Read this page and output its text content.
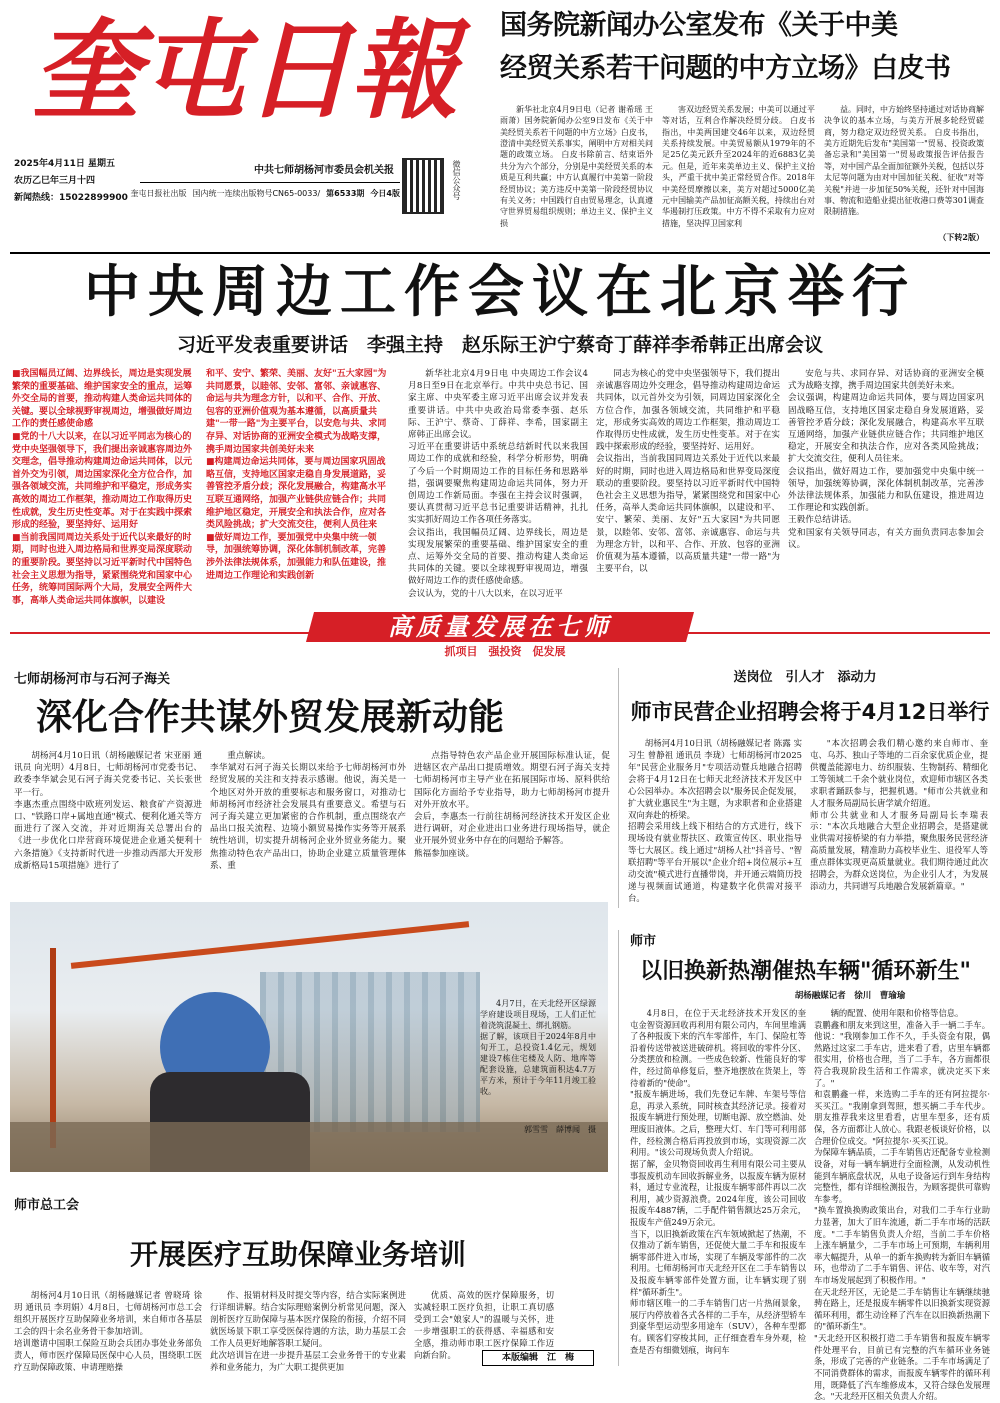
奎屯日報
2025年4月11日 星期五
农历乙巳年三月十四
新闻热线：15022899900
中共七师胡杨河市委员会机关报
奎屯日报社出版 国内统一连续出版物号CN65-0033/ 第6533期 今日4版	微信公众号
国务院新闻办公室发布《关于中美
经贸关系若干问题的中方立场》白皮书

新华社北京4月9日电（记者 谢希瑶 王雨萧）国务院新闻办公室9日发布《关于中美经贸关系若干问题的中方立场》白皮书，澄清中美经贸关系事实，阐明中方对相关问题的政策立场。 白皮书除前言、结束语外共分为六个部分，分别是中美经贸关系的本质是互利共赢；中方认真履行中美第一阶段经贸协议；美方违反中美第一阶段经贸协议有关义务；中国践行自由贸易理念，认真遵守世界贸易组织规则；单边主义、保护主义损

害双边经贸关系发展；中美可以通过平等对话，互利合作解决经贸分歧。 白皮书指出，中美两国建交46年以来，双边经贸关系持续发展。中美贸易额从1979年的不足25亿美元跃升至2024年的近6883亿美元。但是，近年来美单边主义、保护主义抬头，严重干扰中美正常经贸合作。2018年中美经贸摩擦以来，美方对超过5000亿美元中国输美产品加征高额关税，持续出台对华遏制打压政策。中方不得不采取有力应对措施，坚决捍卫国家利

益。同时，中方始终坚持通过对话协商解决争议的基本立场，与美方开展多轮经贸磋商，努力稳定双边经贸关系。 白皮书指出，美方近期先后发布"美国第一"贸易、投资政策备忘录和"美国第一"贸易政策报告评估报告等，对中国产品全面加征额外关税，包括以芬太尼等问题为由对中国加征关税、征收"对等关税"并进一步加征50%关税，还针对中国海事、物流和造船业提出征收港口费等301调查限制措施。

（下转2版）
中央周边工作会议在北京举行
习近平发表重要讲话　李强主持　赵乐际王沪宁蔡奇丁薛祥李希韩正出席会议

■我国幅员辽阔、边界线长，周边是实现发展繁荣的重要基础、维护国家安全的重点，运筹外交全局的首要，推动构建人类命运共同体的关键。要以全球视野审视周边，增强做好周边工作的责任感使命感
■党的十八大以来，在以习近平同志为核心的党中央坚强领导下，我们提出亲诚惠容周边外交理念，倡导推动构建周边命运共同体，以元首外交为引领，周边国家深化全方位合作，加强各领域交流，共同维护和平稳定，形成务实高效的周边工作框架，推动周边工作取得历史性成就，发生历史性变革。对于在实践中探索形成的经验，要坚持好、运用好
■当前我国同周边关系处于近代以来最好的时期，同时也进入周边格局和世界变局深度联动的重要阶段。要坚持以习近平新时代中国特色社会主义思想为指导，紧紧围绕党和国家中心任务，统筹同国际两个大局，发展安全两件大事，高举人类命运共同体旗帜，以建设

和平、安宁、繁荣、美丽、友好"五大家园"为共同愿景，以睦邻、安邻、富邻、亲诚惠容、命运与共为理念方针，以和平、合作、开放、包容的亚洲价值观为基本遵循，以高质量共建"一带一路"为主要平台，以安危与共、求同存异、对话协商的亚洲安全模式为战略支撑，携手周边国家共创美好未来
■构建周边命运共同体，要与周边国家巩固战略互信，支持地区国家走稳自身发展道路，妥善管控矛盾分歧；深化发展融合，构建高水平互联互通网络，加强产业链供应链合作；共同维护地区稳定，开展安全和执法合作，应对各类风险挑战；扩大交流交往，便利人员往来
■做好周边工作，要加强党中央集中统一领导，加强统筹协调，深化体制机制改革，完善涉外法律法规体系，加强能力和队伍建设，推进周边工作理论和实践创新

新华社北京4月9日电 中央周边工作会议4月8日至9日在北京举行。中共中央总书记、国家主席、中央军委主席习近平出席会议并发表重要讲话。中共中央政治局常委李强、赵乐际、王沪宁、蔡奇、丁薛祥、李希，国家副主席韩正出席会议。
习近平在重要讲话中系统总结新时代以来我国周边工作的成就和经验，科学分析形势，明确了今后一个时期周边工作的目标任务和思路举措，强调要聚焦构建周边命运共同体，努力开创周边工作新局面。李强在主持会议时强调，要认真贯彻习近平总书记重要讲话精神，扎扎实实抓好周边工作各项任务落实。
会议指出，我国幅员辽阔、边界线长，周边是实现发展繁荣的重要基础、维护国家安全的重点、运筹外交全局的首要、推动构建人类命运共同体的关键。要以全球视野审视周边，增强做好周边工作的责任感使命感。
会议认为，党的十八大以来，在以习近平

同志为核心的党中央坚强领导下，我们提出亲诚惠容周边外交理念，倡导推动构建周边命运共同体，以元首外交为引领，同周边国家深化全方位合作，加强各领域交流，共同维护和平稳定，形成务实高效的周边工作框架，推动周边工作取得历史性成就，发生历史性变革。对于在实践中探索形成的经验，要坚持好、运用好。
会议指出，当前我国同周边关系处于近代以来最好的时期，同时也进入周边格局和世界变局深度联动的重要阶段。要坚持以习近平新时代中国特色社会主义思想为指导，紧紧围绕党和国家中心任务，高举人类命运共同体旗帜，以建设和平、安宁、繁荣、美丽、友好"五大家园"为共同愿景，以睦邻、安邻、富邻、亲诚惠容、命运与共为理念方针，以和平、合作、开放、包容的亚洲价值观为基本遵循，以高质量共建"一带一路"为主要平台，以

安危与共、求同存异、对话协商的亚洲安全模式为战略支撑，携手周边国家共创美好未来。
会议强调，构建周边命运共同体，要与周边国家巩固战略互信，支持地区国家走稳自身发展道路，妥善管控矛盾分歧；深化发展融合，构建高水平互联互通网络，加强产业链供应链合作；共同维护地区稳定，开展安全和执法合作，应对各类风险挑战；扩大交流交往，便利人员往来。
会议指出，做好周边工作，要加强党中央集中统一领导，加强统筹协调，深化体制机制改革，完善涉外法律法规体系，加强能力和队伍建设，推进周边工作理论和实践创新。
王毅作总结讲话。
党和国家有关领导同志，有关方面负责同志参加会议。

高质量发展在七师
抓项目　强投资　促发展
七师胡杨河市与石河子海关
深化合作共谋外贸发展新动能

胡杨河4月10日讯（胡杨融媒记者 宋亚丽 通讯员 向光明）4月8日，七师胡杨河市党委书记、政委李华斌会见石河子海关党委书记、关长张世平一行。
李惠杰重点围绕中欧班列发运、粮食矿产资源进口、"铁路口岸+属地直通"模式、便利化通关等方面进行了深入交流，并对近期海关总署出台的《进一步优化口岸营商环境促进企业通关便利十六条措施》《支持新时代进一步推动西部大开发形成新格局15项措施》进行了

重点解读。
李华斌对石河子海关长期以来给予七师胡杨河市外经贸发展的关注和支持表示感谢。他说，海关是一个地区对外开放的重要标志和服务窗口，对推动七师胡杨河市经济社会发展具有重要意义。希望与石河子海关建立更加紧密的合作机制，重点围绕农产品出口报关流程、边境小额贸易操作实务等开展系统性培训，切实提升胡杨河企业外贸业务能力。聚焦推动特色农产品出口，协助企业建立质量管理体系、重

点指导特色农产品企业开展国际标准认证，促进辖区农产品出口提质增效。期望石河子海关支持七师胡杨河市主导产业在拓展国际市场、原料供给国际化方面给予专业指导，助力七师胡杨河市提升对外开放水平。
会后，李惠杰一行前往胡杨河经济技术开发区企业进行调研，对企业进出口业务进行现场指导，就企业开展外贸业务中存在的问题给予解答。
熊福参加座谈。

送岗位　引人才　添动力
师市民营企业招聘会将于4月12日举行

胡杨河4月10日讯（胡杨融媒记者 陈露 实习生 曾静祖 通讯员 李珑）七师胡杨河市2025年"民营企业服务月"专项活动暨兵地融合招聘会将于4月12日在七师天北经济技术开发区中心公园举办。本次招聘会以"服务民企促发展，扩大就业惠民生"为主题，为求职者和企业搭建双向奔赴的桥梁。
招聘会采用线上线下相结合的方式进行，线下现场设有就业帮扶区、政策宣传区、职业指导等七大展区。线上通过"胡杨人社"抖音号、"智联招聘"等平台开展以"企业介绍+岗位展示+互动交流"模式进行直播带岗，并开通云端简历投递与视频面试通道，构建数字化供需对接平台。

"本次招聘会我们精心邀约来自师市、奎屯、乌苏、独山子等地的二百余家优质企业，提供覆盖能源电力、纺织服装、生物制药、精细化工等领域二千余个就业岗位，欢迎师市辖区各类求职者踊跃参与，把握机遇。"师市公共就业和人才服务局副局长唐学斌介绍道。
师市公共就业和人才服务局副局长李瑞表示："本次兵地融合大型企业招聘会，是搭建就业供需对接桥梁的有力举措，聚焦服务民营经济高质量发展，精准助力高校毕业生、退役军人等重点群体实现更高质量就业。我们期待通过此次招聘会，为群众送岗位，为企业引人才，为发展添动力，共同谱写兵地融合发展新篇章。"

4月7日，在天北经开区绿源学府建设项目现场，工人们正忙着浇筑混凝土、绑扎钢筋。
据了解，该项目于2024年8月中旬开工，总投资1.4亿元，规划建设7栋住宅楼及人防、地库等配套设施，总建筑面积达4.7万平方米，预计于今年11月竣工验收。

郭雪雪　薛博闻　摄
师市
以旧换新热潮催热车辆"循环新生"
胡杨融媒记者　徐川　曹瑜瑜

4月8日，在位于天北经济技术开发区的奎屯金智资源回收再利用有限公司内，车间里堆满了各种报废下来的汽车零部件，车门、保险杠等沿着传送带被送进破碎机。将回收的零件分区、分类摆放和检测。一些成色较新、性能良好的零件，经过简单修复后，整齐地摆放在货架上，等待着新的"使命"。
"报废车辆进场，我们先登记车牌、车架号等信息，再录入系统，同时核查其经济记录。接着对报废车辆进行预处理，切断电源、放空燃油、处理废旧液体。之后，整理大灯、车门等可利用部件，经检测合格后再投放到市场，实现资源二次利用。"该公司现场负责人介绍说。
据了解，金贝物资回收再生利用有限公司主要从事报废机动车回收拆解业务，以报废车辆为原材料，通过专业流程，让报废车辆零部件再以二次利用，减少资源浪费。2024年度，该公司回收报废车4887辆，二手配件销售额达25万余元，报废车产值249万余元。
当下，以旧换新政策在汽车领域掀起了热潮，不仅推动了新车销售，还促使大量二手车和报废车辆零部件进入市场，实现了车辆及零部件的二次利用。七师胡杨河市天北经开区在二手车销售以及报废车辆零部件处置方面，让车辆实现了别样"循环新生"。
师市辖区唯一的二手车销售门店一片热闹景象，展厅内停放着各式各样的二手车，从经济型轿车到豪华型运动型多用途车（SUV），各种车型都有。顾客们穿梭其间，正仔细查看车身外观，检查是否有细微划痕，询问车

辆的配置、使用年限和价格等信息。
袁鹏鑫和朋友来到这里，准备入手一辆二手车。他说："我刚参加工作不久，手头资金有限，偶然路过这家二手车店，进来看了看，店里车辆都很实用，价格也合理，当了二手车，各方面都很符合我现阶段生活和工作需求，就决定买下来了。"
和袁鹏鑫一样，来选购二手车的还有阿拉提尔·买买江。"我刚拿到驾照，想买辆二手车代步。朋友推荐我来这里看看，店里车型多，还有质保，各方面都让人放心。我跟老板谈好价格，以合理价位成交。"阿拉提尔·买买江说。
为保障车辆品质，二手车销售店还配备专业检测设备，对每一辆车辆进行全面检测，从发动机性能到车辆底盘状况，从电子设备运行到车身结构完整性，都有详细检测报告，为顾客提供可靠购车参考。
"换车置换换购政策出台，对我们二手车行业助力显著，加大了旧车流通，新二手车市场的活跃度。"二手车销售负责人介绍，当前二手车价格上涨车辆量少，二手车市场上可预期，车辆利用率大幅提升，从单一的新车换购转为新旧车辆循环，也带动了二手车销售、评估、收车等，对汽车市场发展起到了积极作用。"
在天北经开区，无论是二手车销售让车辆继续驰骋在路上，还是报废车辆零件以旧换新实现资源循环利用，都生动诠释了汽车在以旧换新热潮下的"循环新生"。
"天北经开区积极打造二手车销售和报废车辆零件处理平台，目前已有完整的汽车循环业务链条，形成了完善的产业链条。二手车市场满足了不同消费群体的需求，而报废车辆零件的循环利用，既降低了汽车维修成本，又符合绿色发展理念。"天北经开区相关负责人介绍。

师市总工会
开展医疗互助保障业务培训

胡杨河4月10日讯（胡杨融媒记者 曾晓琦 徐玥 通讯员 李玥娟）4月8日，七师胡杨河市总工会组织开展医疗互助保障业务培训，来自师市各基层工会的四十余名业务骨干参加培训。
培训邀请中国职工保险互助会兵团办事处业务部负责人，师市医疗保障局医保中心人员，围绕职工医疗互助保障政策、申请理赔操

作、报销材料及时提交等内容，结合实际案例进行详细讲解。结合实际理赔案例分析常见问题，深入剖析医疗互助保障与基本医疗保险的衔接，介绍不同就医场景下职工享受医保待遇的方法，助力基层工会工作人员更好地解答职工疑问。
此次培训旨在进一步提升基层工会业务骨干的专业素养和业务能力，为广大职工提供更加

优质、高效的医疗保障服务，切实减轻职工医疗负担，让职工真切感受到工会"娘家人"的温暖与关怀，进一步增强职工的获得感、幸福感和安全感，推动师市职工医疗保障工作迈向新台阶。	本版编辑　江　梅
